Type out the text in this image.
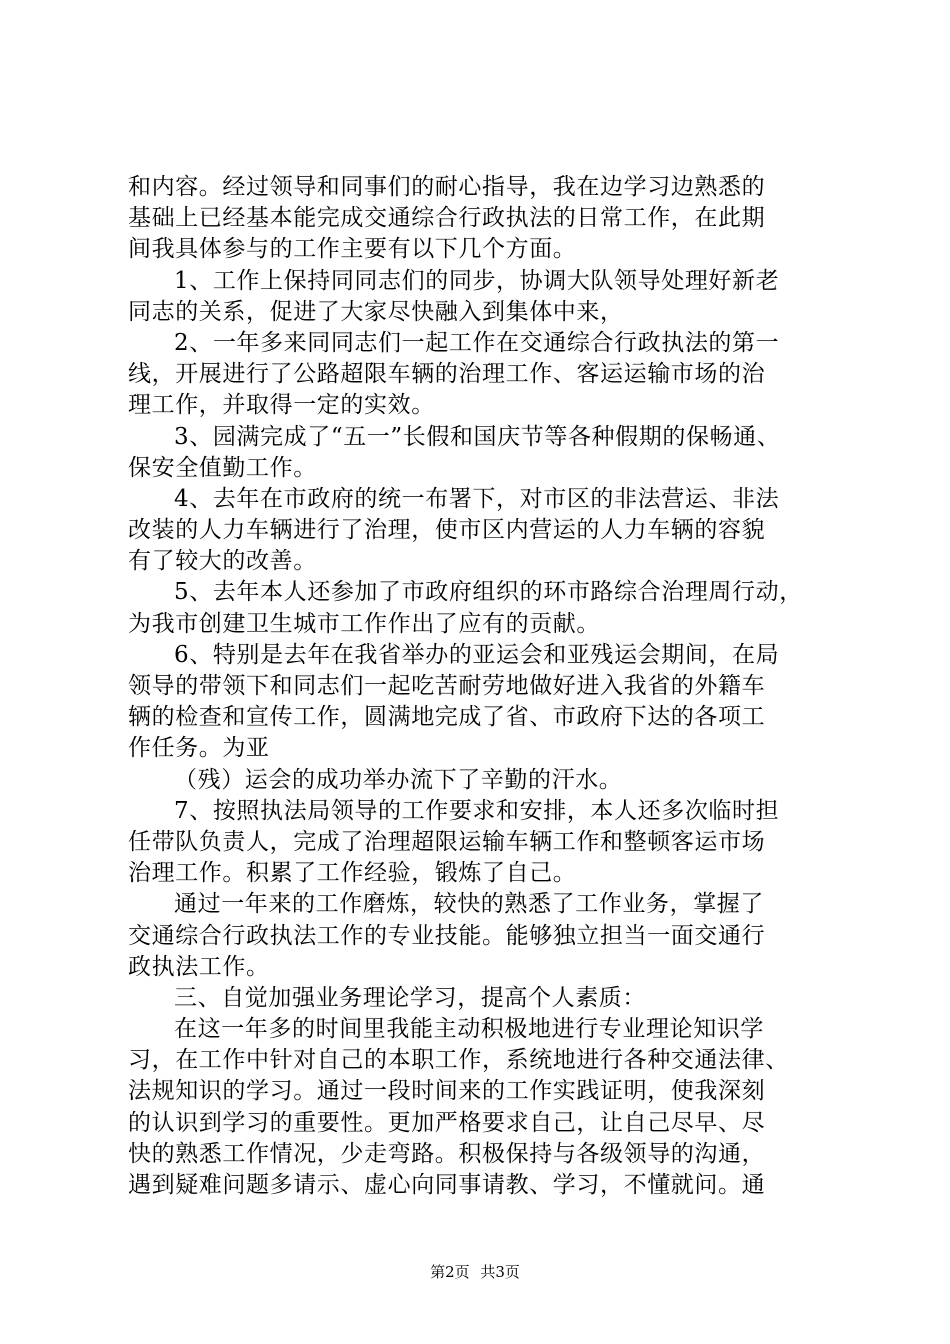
和内容。经过领导和同事们的耐心指导，我在边学习边熟悉的
基础上已经基本能完成交通综合行政执法的日常工作，在此期
间我具体参与的工作主要有以下几个方面。
1、工作上保持同同志们的同步，协调大队领导处理好新老
同志的关系，促进了大家尽快融入到集体中来，
2、一年多来同同志们一起工作在交通综合行政执法的第一
线，开展进行了公路超限车辆的治理工作、客运运输市场的治
理工作，并取得一定的实效。
3、园满完成了“五一”长假和国庆节等各种假期的保畅通、
保安全值勤工作。
4、去年在市政府的统一布署下，对市区的非法营运、非法
改装的人力车辆进行了治理，使市区内营运的人力车辆的容貌
有了较大的改善。
5、去年本人还参加了市政府组织的环市路综合治理周行动，
为我市创建卫生城市工作作出了应有的贡献。
6、特别是去年在我省举办的亚运会和亚残运会期间，在局
领导的带领下和同志们一起吃苦耐劳地做好进入我省的外籍车
辆的检查和宣传工作，圆满地完成了省、市政府下达的各项工
作任务。为亚
（残）运会的成功举办流下了辛勤的汗水。
7、按照执法局领导的工作要求和安排，本人还多次临时担
任带队负责人，完成了治理超限运输车辆工作和整顿客运市场
治理工作。积累了工作经验，锻炼了自己。
通过一年来的工作磨炼，较快的熟悉了工作业务，掌握了
交通综合行政执法工作的专业技能。能够独立担当一面交通行
政执法工作。
三、自觉加强业务理论学习，提高个人素质：
在这一年多的时间里我能主动积极地进行专业理论知识学
习，在工作中针对自己的本职工作，系统地进行各种交通法律、
法规知识的学习。通过一段时间来的工作实践证明，使我深刻
的认识到学习的重要性。更加严格要求自己，让自己尽早、尽
快的熟悉工作情况，少走弯路。积极保持与各级领导的沟通，
遇到疑难问题多请示、虚心向同事请教、学习，不懂就问。通
第2页 共3页
